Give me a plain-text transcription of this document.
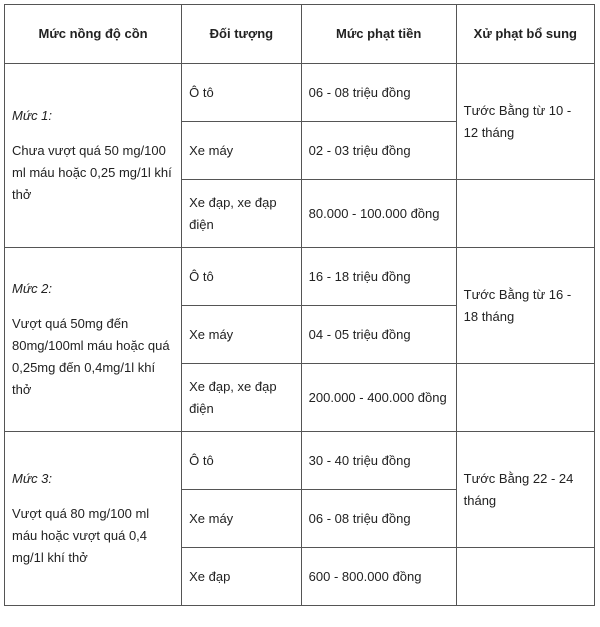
Mức nồng độ cồn	Đối tượng	Mức phạt tiền	Xử phạt bổ sung

Mức 1:
Chưa vượt quá 50 mg/100 ml máu hoặc 0,25 mg/1l khí thở	Ô tô	06 - 08 triệu đồng	Tước Bằng từ 10 - 12 tháng
	Xe máy	02 - 03 triệu đồng	
	Xe đạp, xe đạp điện	80.000 - 100.000 đồng	

Mức 2:
Vượt quá 50mg đến 80mg/100ml máu hoặc quá 0,25mg đến 0,4mg/1l khí thở	Ô tô	16 - 18 triệu đồng	Tước Bằng từ 16 - 18 tháng
	Xe máy	04 - 05 triệu đồng	
	Xe đạp, xe đạp điện	200.000 - 400.000 đồng	

Mức 3:
Vượt quá 80 mg/100 ml máu hoặc vượt quá 0,4 mg/1l khí thở	Ô tô	30 - 40 triệu đồng	Tước Bằng 22 - 24 tháng
	Xe máy	06 - 08 triệu đồng	
	Xe đạp	600 - 800.000 đồng	
